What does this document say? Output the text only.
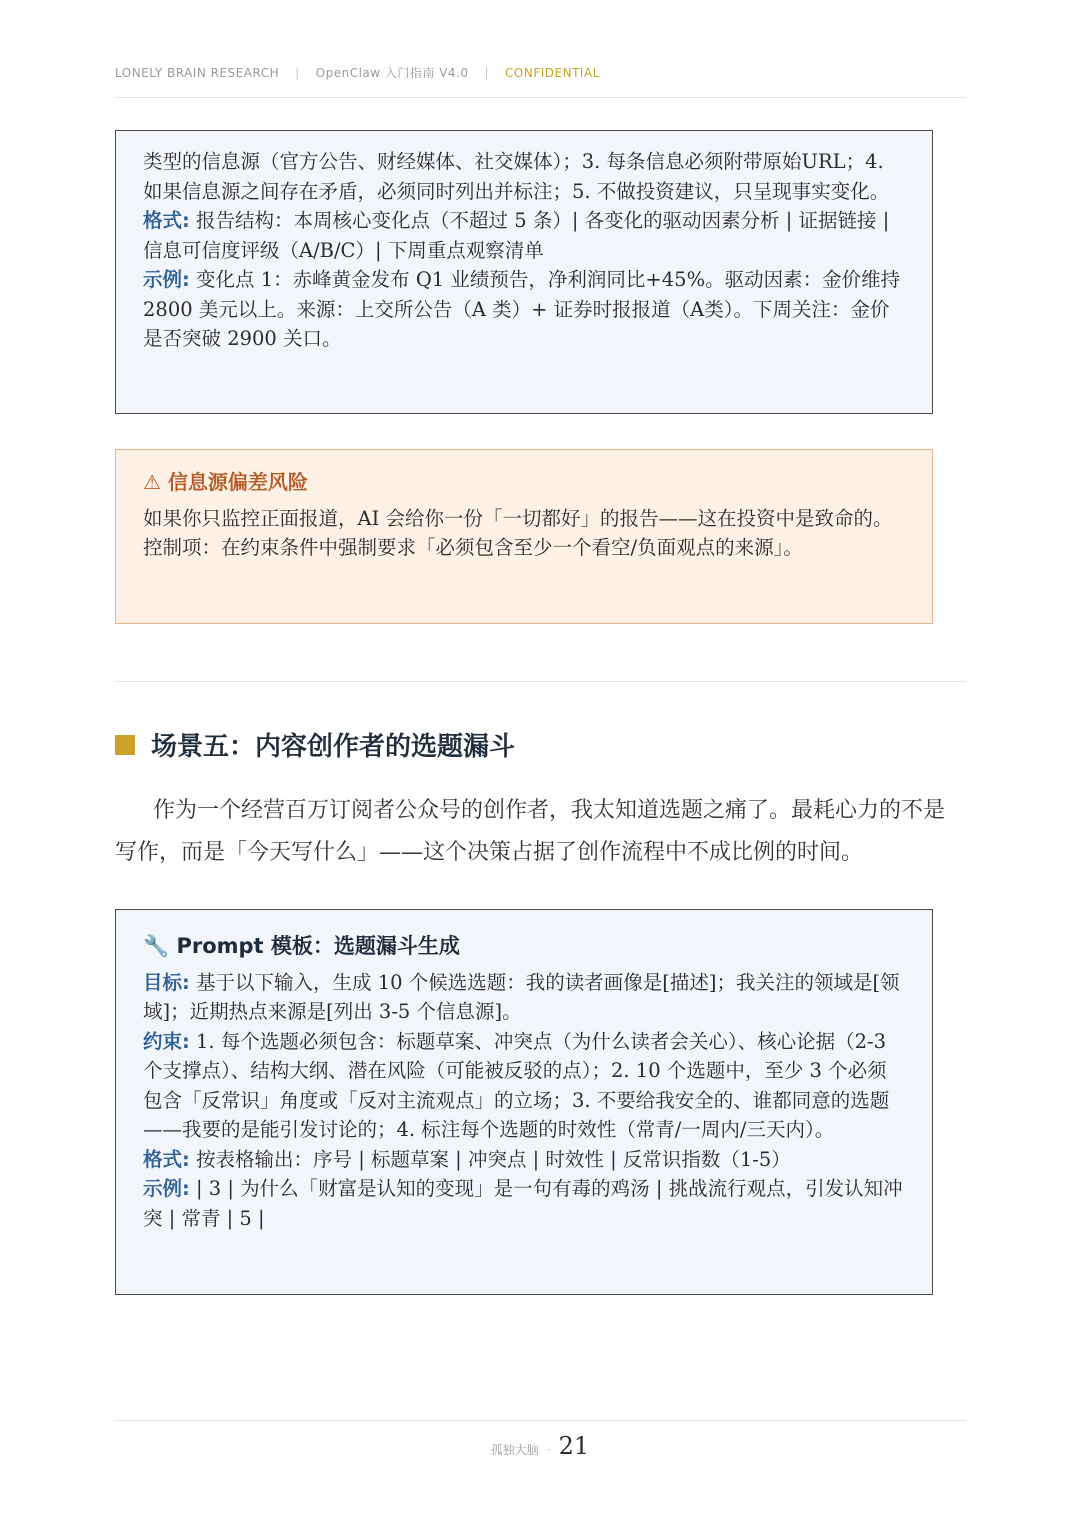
LONELY BRAIN RESEARCH | OpenClaw 入门指南 V4.0 | CONFIDENTIAL

类型的信息源（官方公告、财经媒体、社交媒体）；3. 每条信息必须附带原始URL；4. 如果信息源之间存在矛盾，必须同时列出并标注；5. 不做投资建议，只呈现事实变化。

格式: 报告结构：本周核心变化点（不超过 5 条）| 各变化的驱动因素分析 | 证据链接 | 信息可信度评级（A/B/C）| 下周重点观察清单

示例: 变化点 1：赤峰黄金发布 Q1 业绩预告，净利润同比+45%。驱动因素：金价维持 2800 美元以上。来源：上交所公告（A 类）+ 证券时报报道（A类）。下周关注：金价是否突破 2900 关口。

⚠ 信息源偏差风险

如果你只监控正面报道，AI 会给你一份「一切都好」的报告——这在投资中是致命的。控制项：在约束条件中强制要求「必须包含至少一个看空/负面观点的来源」。

场景五：内容创作者的选题漏斗

作为一个经营百万订阅者公众号的创作者，我太知道选题之痛了。最耗心力的不是写作，而是「今天写什么」——这个决策占据了创作流程中不成比例的时间。

🔧 Prompt 模板：选题漏斗生成

目标: 基于以下输入，生成 10 个候选选题：我的读者画像是[描述]；我关注的领域是[领域]；近期热点来源是[列出 3-5 个信息源]。

约束: 1. 每个选题必须包含：标题草案、冲突点（为什么读者会关心）、核心论据（2-3 个支撑点）、结构大纲、潜在风险（可能被反驳的点）；2. 10 个选题中，至少 3 个必须包含「反常识」角度或「反对主流观点」的立场；3. 不要给我安全的、谁都同意的选题——我要的是能引发讨论的；4. 标注每个选题的时效性（常青/一周内/三天内）。

格式: 按表格输出：序号 | 标题草案 | 冲突点 | 时效性 | 反常识指数（1-5）

示例: | 3 | 为什么「财富是认知的变现」是一句有毒的鸡汤 | 挑战流行观点，引发认知冲突 | 常青 | 5 |

孤独大脑 · 21
